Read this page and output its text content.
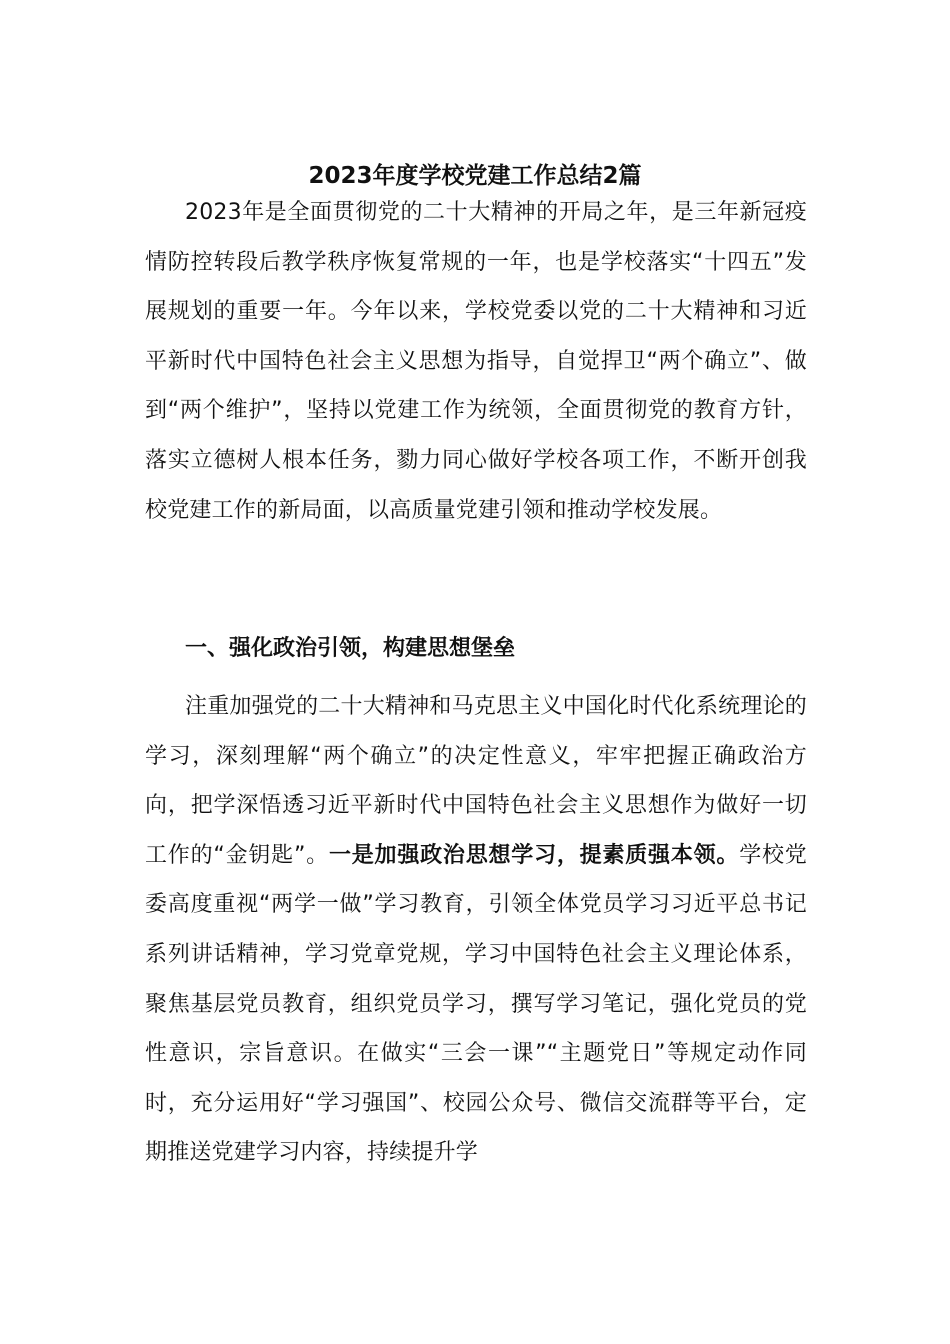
2023年度学校党建工作总结2篇

2023年是全面贯彻党的二十大精神的开局之年，是三年新冠疫情防控转段后教学秩序恢复常规的一年，也是学校落实“十四五”发展规划的重要一年。今年以来，学校党委以党的二十大精神和习近平新时代中国特色社会主义思想为指导，自觉捍卫“两个确立”、做到“两个维护”，坚持以党建工作为统领，全面贯彻党的教育方针，落实立德树人根本任务，勠力同心做好学校各项工作，不断开创我校党建工作的新局面，以高质量党建引领和推动学校发展。

一、强化政治引领，构建思想堡垒

注重加强党的二十大精神和马克思主义中国化时代化系统理论的学习，深刻理解“两个确立”的决定性意义，牢牢把握正确政治方向，把学深悟透习近平新时代中国特色社会主义思想作为做好一切工作的“金钥匙”。一是加强政治思想学习，提素质强本领。学校党委高度重视“两学一做”学习教育，引领全体党员学习习近平总书记系列讲话精神，学习党章党规，学习中国特色社会主义理论体系，聚焦基层党员教育，组织党员学习，撰写学习笔记，强化党员的党性意识，宗旨意识。在做实“三会一课”“主题党日”等规定动作同时，充分运用好“学习强国”、校园公众号、微信交流群等平台，定期推送党建学习内容，持续提升学
